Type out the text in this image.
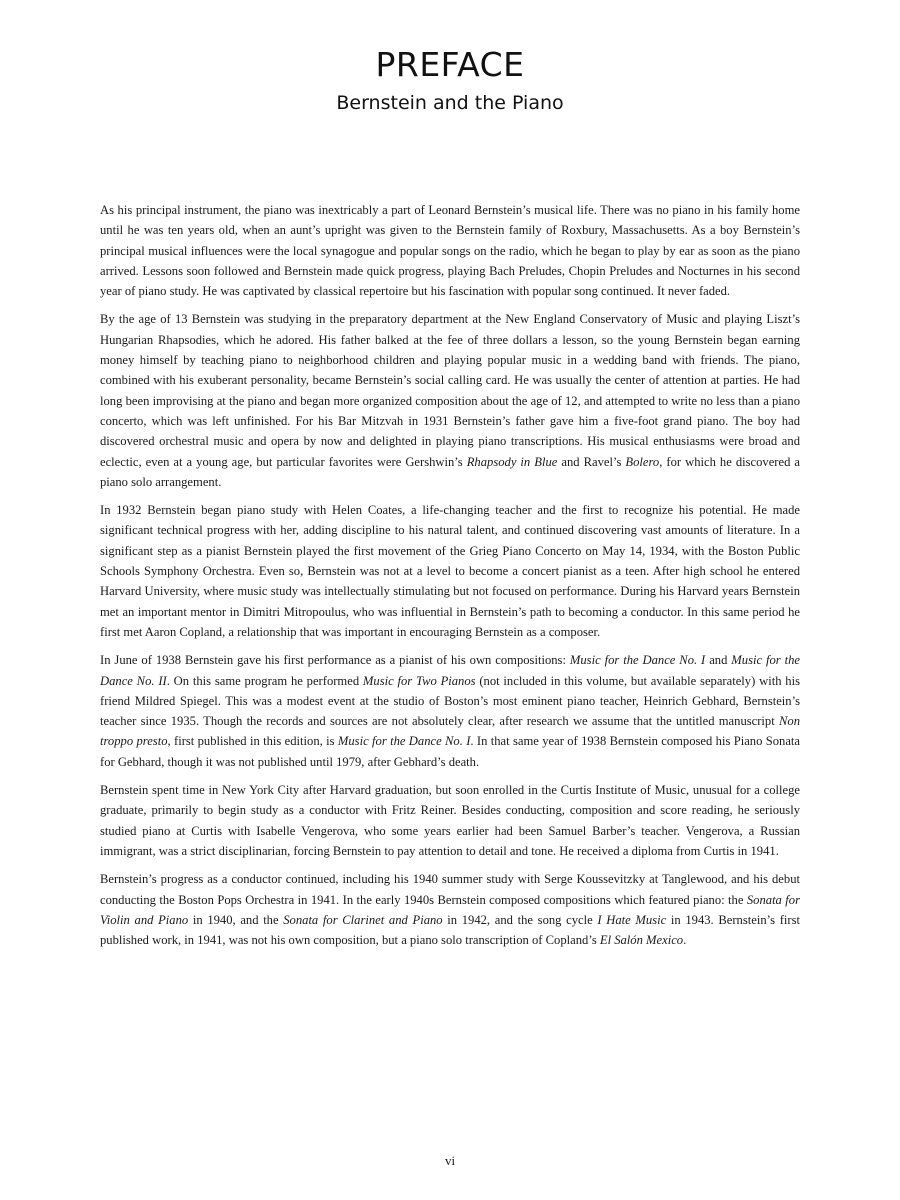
PREFACE
Bernstein and the Piano

As his principal instrument, the piano was inextricably a part of Leonard Bernstein’s musical life. There was no piano in his family home until he was ten years old, when an aunt’s upright was given to the Bernstein family of Roxbury, Massachusetts. As a boy Bernstein’s principal musical influences were the local synagogue and popular songs on the radio, which he began to play by ear as soon as the piano arrived. Lessons soon followed and Bernstein made quick progress, playing Bach Preludes, Chopin Preludes and Nocturnes in his second year of piano study. He was captivated by classical repertoire but his fascination with popular song continued. It never faded.

By the age of 13 Bernstein was studying in the preparatory department at the New England Conservatory of Music and playing Liszt’s Hungarian Rhapsodies, which he adored. His father balked at the fee of three dollars a lesson, so the young Bernstein began earning money himself by teaching piano to neighborhood children and playing popular music in a wedding band with friends. The piano, combined with his exuberant personality, became Bernstein’s social calling card. He was usually the center of attention at parties. He had long been improvising at the piano and began more organized composition about the age of 12, and attempted to write no less than a piano concerto, which was left unfinished. For his Bar Mitzvah in 1931 Bernstein’s father gave him a five-foot grand piano. The boy had discovered orchestral music and opera by now and delighted in playing piano transcriptions. His musical enthusiasms were broad and eclectic, even at a young age, but particular favorites were Gershwin’s Rhapsody in Blue and Ravel’s Bolero, for which he discovered a piano solo arrangement.

In 1932 Bernstein began piano study with Helen Coates, a life-changing teacher and the first to recognize his potential. He made significant technical progress with her, adding discipline to his natural talent, and continued discovering vast amounts of literature. In a significant step as a pianist Bernstein played the first movement of the Grieg Piano Concerto on May 14, 1934, with the Boston Public Schools Symphony Orchestra. Even so, Bernstein was not at a level to become a concert pianist as a teen. After high school he entered Harvard University, where music study was intellectually stimulating but not focused on performance. During his Harvard years Bernstein met an important mentor in Dimitri Mitropoulus, who was influential in Bernstein’s path to becoming a conductor. In this same period he first met Aaron Copland, a relationship that was important in encouraging Bernstein as a composer.

In June of 1938 Bernstein gave his first performance as a pianist of his own compositions: Music for the Dance No. I and Music for the Dance No. II. On this same program he performed Music for Two Pianos (not included in this volume, but available separately) with his friend Mildred Spiegel. This was a modest event at the studio of Boston’s most eminent piano teacher, Heinrich Gebhard, Bernstein’s teacher since 1935. Though the records and sources are not absolutely clear, after research we assume that the untitled manuscript Non troppo presto, first published in this edition, is Music for the Dance No. I. In that same year of 1938 Bernstein composed his Piano Sonata for Gebhard, though it was not published until 1979, after Gebhard’s death.

Bernstein spent time in New York City after Harvard graduation, but soon enrolled in the Curtis Institute of Music, unusual for a college graduate, primarily to begin study as a conductor with Fritz Reiner. Besides conducting, composition and score reading, he seriously studied piano at Curtis with Isabelle Vengerova, who some years earlier had been Samuel Barber’s teacher. Vengerova, a Russian immigrant, was a strict disciplinarian, forcing Bernstein to pay attention to detail and tone. He received a diploma from Curtis in 1941.

Bernstein’s progress as a conductor continued, including his 1940 summer study with Serge Koussevitzky at Tanglewood, and his debut conducting the Boston Pops Orchestra in 1941. In the early 1940s Bernstein composed compositions which featured piano: the Sonata for Violin and Piano in 1940, and the Sonata for Clarinet and Piano in 1942, and the song cycle I Hate Music in 1943. Bernstein’s first published work, in 1941, was not his own composition, but a piano solo transcription of Copland’s El Salón Mexico.

vi
